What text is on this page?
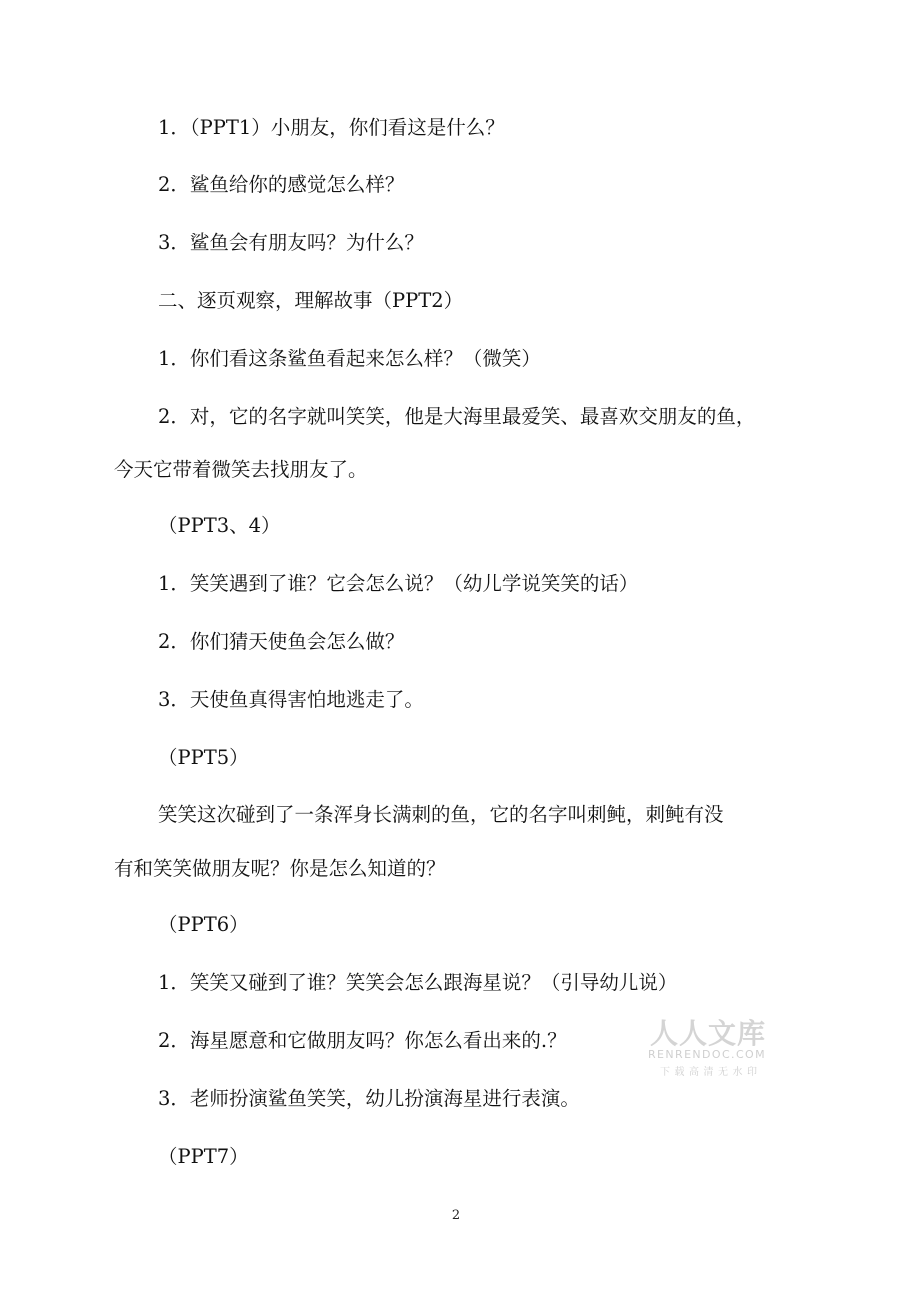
1．（PPT1）小朋友，你们看这是什么？

2．鲨鱼给你的感觉怎么样？

3．鲨鱼会有朋友吗？为什么？

二、逐页观察，理解故事（PPT2）

1．你们看这条鲨鱼看起来怎么样？（微笑）

2．对，它的名字就叫笑笑，他是大海里最爱笑、最喜欢交朋友的鱼，

今天它带着微笑去找朋友了。

（PPT3、4）

1．笑笑遇到了谁？它会怎么说？（幼儿学说笑笑的话）

2．你们猜天使鱼会怎么做？

3．天使鱼真得害怕地逃走了。

（PPT5）

笑笑这次碰到了一条浑身长满刺的鱼，它的名字叫刺鲀，刺鲀有没

有和笑笑做朋友呢？你是怎么知道的？

（PPT6）

1．笑笑又碰到了谁？笑笑会怎么跟海星说？（引导幼儿说）

2．海星愿意和它做朋友吗？你怎么看出来的.？

3．老师扮演鲨鱼笑笑，幼儿扮演海星进行表演。

（PPT7）

人人文库
RENRENDOC.COM
下载高清无水印
2
